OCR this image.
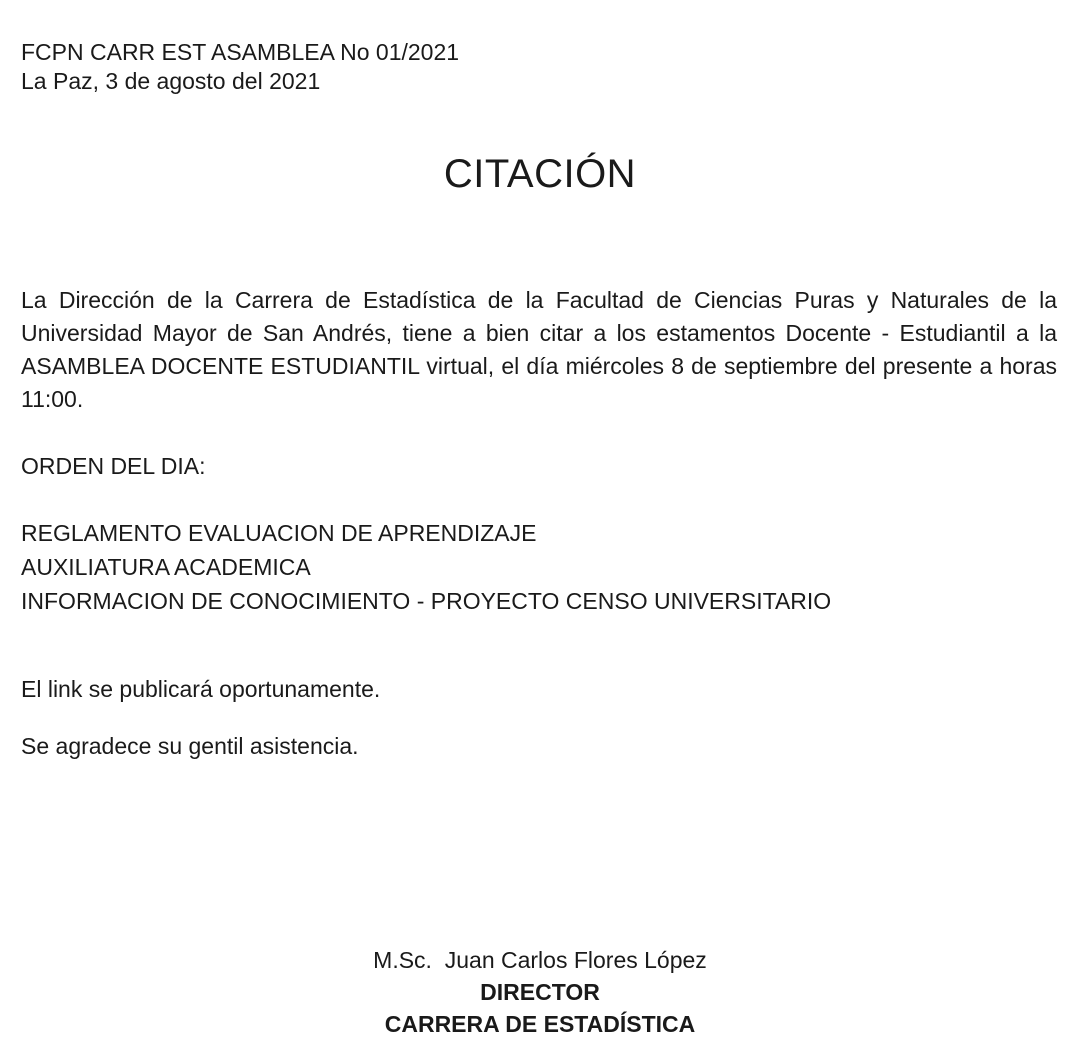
FCPN CARR EST ASAMBLEA No 01/2021
La Paz, 3 de agosto del 2021
CITACIÓN
La Dirección de la Carrera de Estadística de la Facultad de Ciencias Puras y Naturales de la Universidad Mayor de San Andrés, tiene a bien citar a los estamentos Docente - Estudiantil a la ASAMBLEA DOCENTE ESTUDIANTIL virtual, el día miércoles 8 de septiembre del presente a horas 11:00.
ORDEN DEL DIA:
REGLAMENTO EVALUACION DE APRENDIZAJE
AUXILIATURA ACADEMICA
INFORMACION DE CONOCIMIENTO - PROYECTO CENSO UNIVERSITARIO
El link se publicará oportunamente.
Se agradece su gentil asistencia.
M.Sc.  Juan Carlos Flores López
DIRECTOR
CARRERA DE ESTADÍSTICA
